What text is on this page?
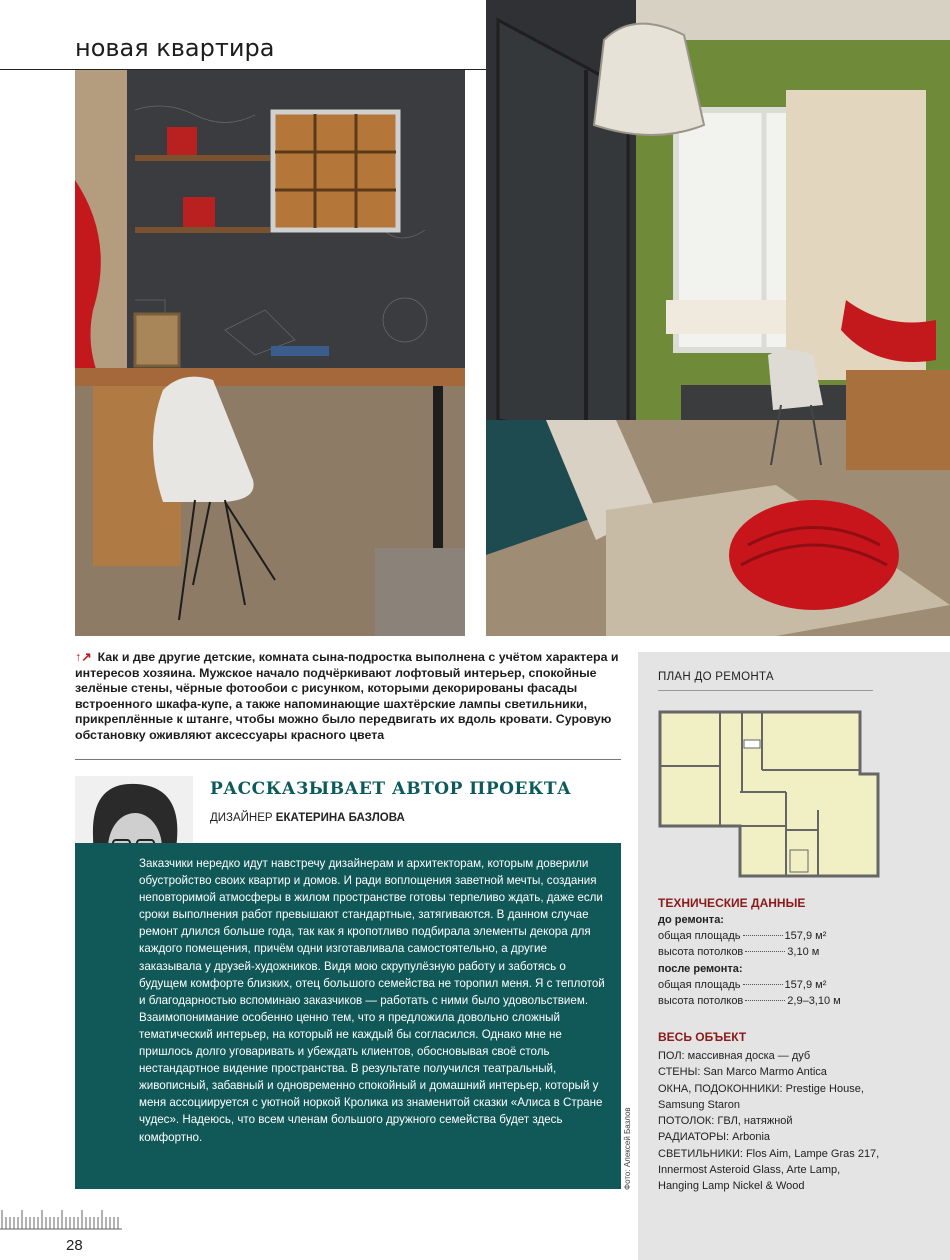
новая квартира
↑↗ Как и две другие детские, комната сына-подростка выполнена с учётом характера и интересов хозяина. Мужское начало подчёркивают лофтовый интерьер, спокойные зелёные стены, чёрные фотообои с рисунком, которыми декорированы фасады встроенного шкафа-купе, а также напоминающие шахтёрские лампы светильники, прикреплённые к штанге, чтобы можно было передвигать их вдоль кровати. Суровую обстановку оживляют аксессуары красного цвета
РАССКАЗЫВАЕТ АВТОР ПРОЕКТА
ДИЗАЙНЕР ЕКАТЕРИНА БАЗЛОВА
Заказчики нередко идут навстречу дизайнерам и архитекторам, которым доверили обустройство своих квартир и домов. И ради воплощения заветной мечты, создания неповторимой атмосферы в жилом пространстве готовы терпеливо ждать, даже если сроки выполнения работ превышают стандартные, затягиваются. В данном случае ремонт длился больше года, так как я кропотливо подбирала элементы декора для каждого помещения, причём одни изготавливала самостоятельно, а другие заказывала у друзей-художников. Видя мою скрупулёзную работу и заботясь о будущем комфорте близких, отец большого семейства не торопил меня. Я с теплотой и благодарностью вспоминаю заказчиков — работать с ними было удовольствием. Взаимопонимание особенно ценно тем, что я предложила довольно сложный тематический интерьер, на который не каждый бы согласился. Однако мне не пришлось долго уговаривать и убеждать клиентов, обосновывая своё столь нестандартное видение пространства. В результате получился театральный, живописный, забавный и одновременно спокойный и домашний интерьер, который у меня ассоциируется с уютной норкой Кролика из знаменитой сказки «Алиса в Стране чудес». Надеюсь, что всем членам большого дружного семейства будет здесь комфортно.	Фото: Алексей Базлов
ПЛАН ДО РЕМОНТА
ТЕХНИЧЕСКИЕ ДАННЫЕ
до ремонта:
общая площадь	157,9 м²
высота потолков	3,10 м
после ремонта:
общая площадь	157,9 м²
высота потолков	2,9–3,10 м
ВЕСЬ ОБЪЕКТ
ПОЛ: массивная доска — дуб
СТЕНЫ: San Marco Marmo Antica
ОКНА, ПОДОКОННИКИ: Prestige House, Samsung Staron
ПОТОЛОК: ГВЛ, натяжной
РАДИАТОРЫ: Arbonia
СВЕТИЛЬНИКИ: Flos Aim, Lampe Gras 217, Innermost Asteroid Glass, Arte Lamp, Hanging Lamp Nickel & Wood
28
